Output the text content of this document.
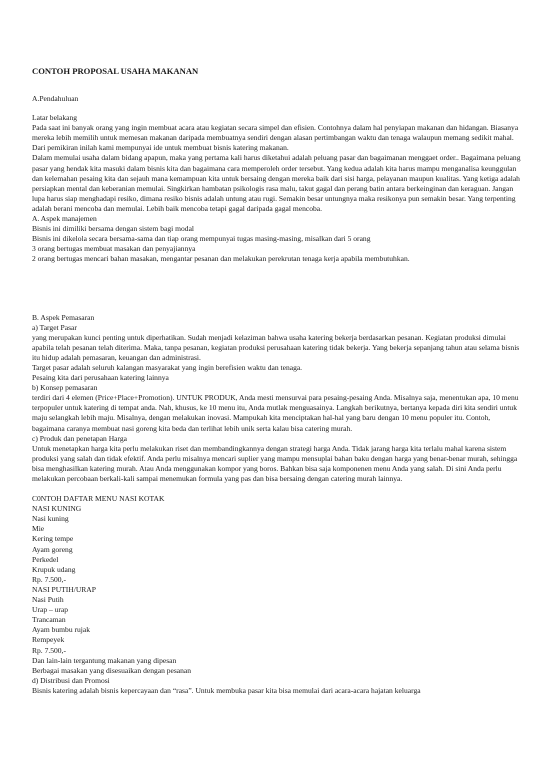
CONTOH PROPOSAL USAHA MAKANAN

A.Pendahuluan

Latar belakang

Pada saat ini banyak orang yang ingin membuat acara atau kegiatan secara simpel dan efisien. Contohnya dalam hal penyiapan makanan dan hidangan. Biasanya mereka lebih memilih untuk memesan makanan daripada membuatnya sendiri dengan alasan pertimbangan waktu dan tenaga walaupun memang sedikit mahal. Dari pemikiran inilah kami mempunyai ide untuk membuat bisnis katering makanan.

Dalam memulai usaha dalam bidang apapun, maka yang pertama kali harus diketahui adalah peluang pasar dan bagaimanan menggaet order.. Bagaimana peluang pasar yang hendak kita masuki dalam bisnis kita dan bagaimana cara memperoleh order tersebut. Yang kedua adalah kita harus mampu menganalisa keunggulan dan kelemahan pesaing kita dan sejauh mana kemampuan kita untuk bersaing dengan mereka baik dari sisi harga, pelayanan maupun kualitas. Yang ketiga adalah persiapkan mental dan keberanian memulai. Singkirkan hambatan psikologis rasa malu, takut gagal dan perang batin antara berkeinginan dan keraguan. Jangan lupa harus siap menghadapi resiko, dimana resiko bisnis adalah untung atau rugi. Semakin besar untungnya maka resikonya pun semakin besar. Yang terpenting adalah berani mencoba dan memulai. Lebih baik mencoba tetapi gagal daripada gagal mencoba.

A. Aspek manajemen

Bisnis ini dimiliki bersama dengan sistem bagi modal

Bisnis ini dikelola secara bersama-sama dan tiap orang mempunyai tugas masing-masing, misalkan dari 5 orang

3 orang bertugas membuat masakan dan penyajiannya

2 orang bertugas mencari bahan masakan, mengantar pesanan dan melakukan perekrutan tenaga kerja apabila membutuhkan.

B. Aspek Pemasaran

a) Target Pasar

yang merupakan kunci penting untuk diperhatikan. Sudah menjadi kelaziman bahwa usaha katering bekerja berdasarkan pesanan. Kegiatan produksi dimulai apabila telah pesanan telah diterima. Maka, tanpa pesanan, kegiatan produksi perusahaan katering tidak bekerja. Yang bekerja sepanjang tahun atau selama bisnis itu hidup adalah pemasaran, keuangan dan administrasi.

Target pasar adalah seluruh kalangan masyarakat yang ingin berefisien waktu dan tenaga.

Pesaing kita dari perusahaan katering lainnya

b) Konsep pemasaran

terdiri dari 4 elemen (Price+Place+Promotion). UNTUK PRODUK, Anda mesti mensurvai para pesaing-pesaing Anda. Misalnya saja, menentukan apa, 10 menu terpopuler untuk katering di tempat anda. Nah, khusus, ke 10 menu itu, Anda mutlak menguasainya. Langkah berikutnya, bertanya kepada diri kita sendiri untuk maju selangkah lebih maju. Misalnya, dengan melakukan inovasi. Mampukah kita menciptakan hal-hal yang baru dengan 10 menu populer itu. Contoh, bagaimana caranya membuat nasi goreng kita beda dan terlihat lebih unik serta kalau bisa catering murah.

c) Produk dan penetapan Harga

Untuk menetapkan harga kita perlu melakukan riset dan membandingkannya dengan strategi harga Anda. Tidak jarang harga kita terlalu mahal karena sistem produksi yang salah dan tidak efektif. Anda perlu misalnya mencari suplier yang mampu mensuplai bahan baku dengan harga yang benar-benar murah, sehingga bisa menghasilkan katering murah. Atau Anda menggunakan kompor yang boros. Bahkan bisa saja komponenen menu Anda yang salah. Di sini Anda perlu melakukan percobaan berkali-kali sampai menemukan formula yang pas dan bisa bersaing dengan catering murah lainnya.

C0NTOH DAFTAR MENU NASI KOTAK

NASI KUNING

Nasi kuning

Mie

Kering tempe

Ayam goreng

Perkedel

Krupuk udang

Rp. 7.500,-

NASI PUTIH/URAP

Nasi Putih

Urap – urap

Trancaman

Ayam bumbu rujak

Rempeyek

Rp. 7.500,-

Dan lain-lain tergantung makanan yang dipesan

Berbagai masakan yang disesuaikan dengan pesanan

d) Distribusi dan Promosi

Bisnis katering adalah bisnis kepercayaan dan “rasa”. Untuk membuka pasar kita bisa memulai dari acara-acara hajatan keluarga
